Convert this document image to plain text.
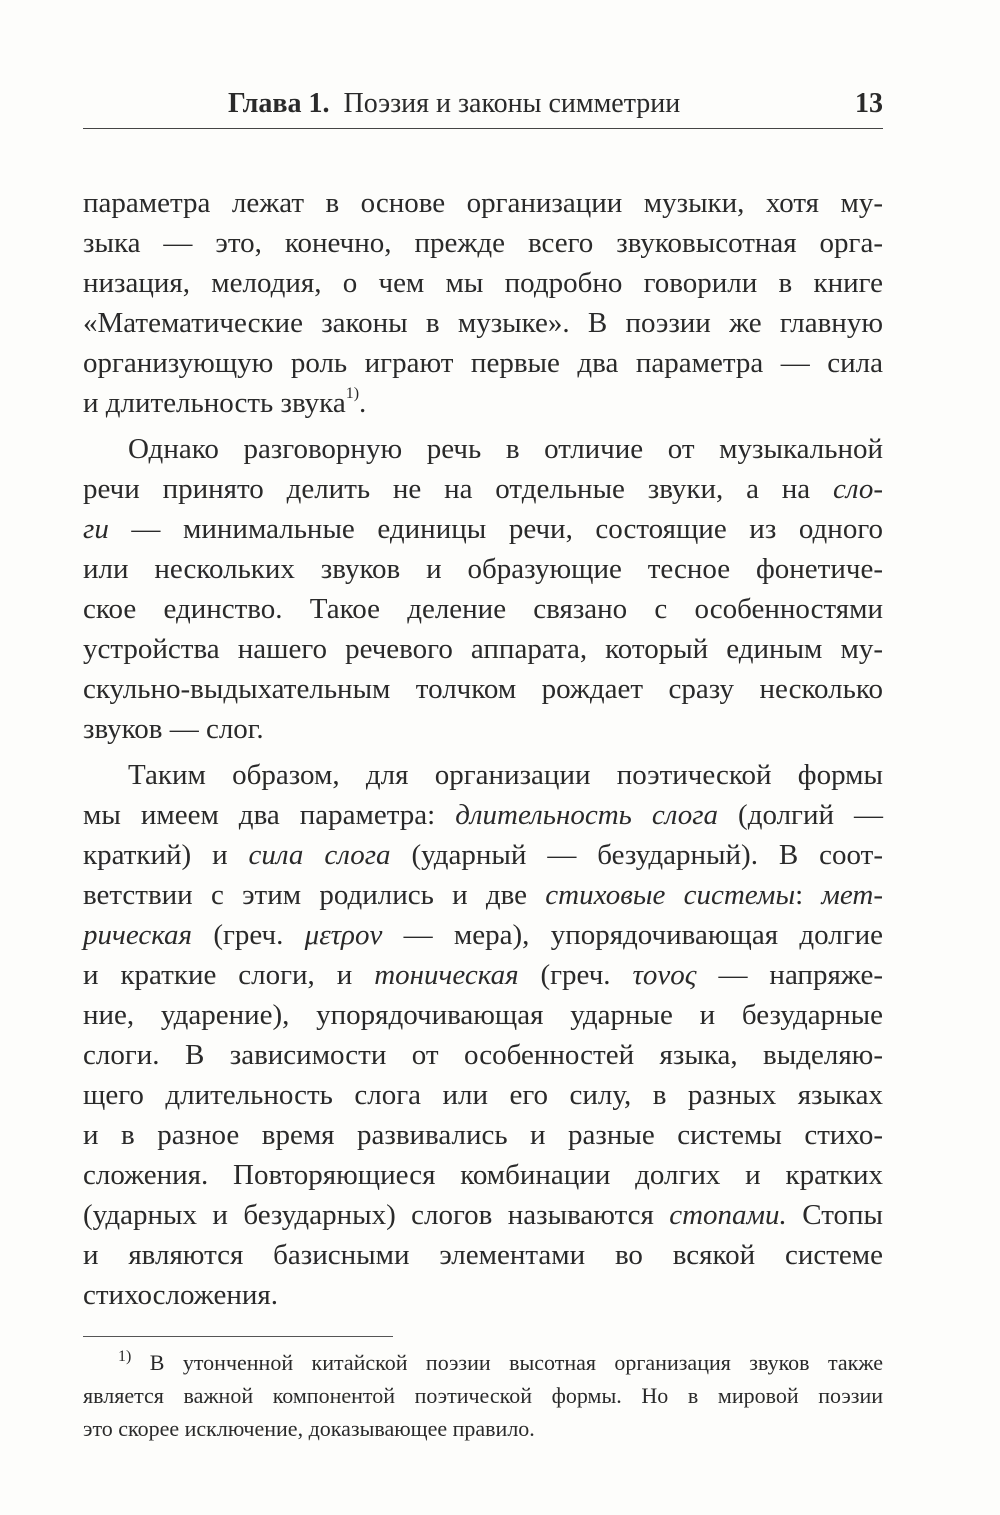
Глава 1. Поэзия и законы симметрии	13
параметра лежат в основе организации музыки, хотя му-
зыка — это, конечно, прежде всего звуковысотная орга-
низация, мелодия, о чем мы подробно говорили в книге
«Математические законы в музыке». В поэзии же главную
организующую роль играют первые два параметра — сила
и длительность звука$^{1)}$.
Однако разговорную речь в отличие от музыкальной
речи принято делить не на отдельные звуки, а на сло-
ги — минимальные единицы речи, состоящие из одного
или нескольких звуков и образующие тесное фонетиче-
ское единство. Такое деление связано с особенностями
устройства нашего речевого аппарата, который единым му-
скульно-выдыхательным толчком рождает сразу несколько
звуков — слог.
Таким образом, для организации поэтической формы
мы имеем два параметра: длительность слога (долгий —
краткий) и сила слога (ударный — безударный). В соот-
ветствии с этим родились и две стиховые системы: мет-
рическая (греч. μετρον — мера), упорядочивающая долгие
и краткие слоги, и тоническая (греч. τονος — напряже-
ние, ударение), упорядочивающая ударные и безударные
слоги. В зависимости от особенностей языка, выделяю-
щего длительность слога или его силу, в разных языках
и в разное время развивались и разные системы стихо-
сложения. Повторяющиеся комбинации долгих и кратких
(ударных и безударных) слогов называются стопами. Стопы
и являются базисными элементами во всякой системе
стихосложения.
$^{1)}$ В утонченной китайской поэзии высотная организация звуков также
является важной компонентой поэтической формы. Но в мировой поэзии
это скорее исключение, доказывающее правило.
